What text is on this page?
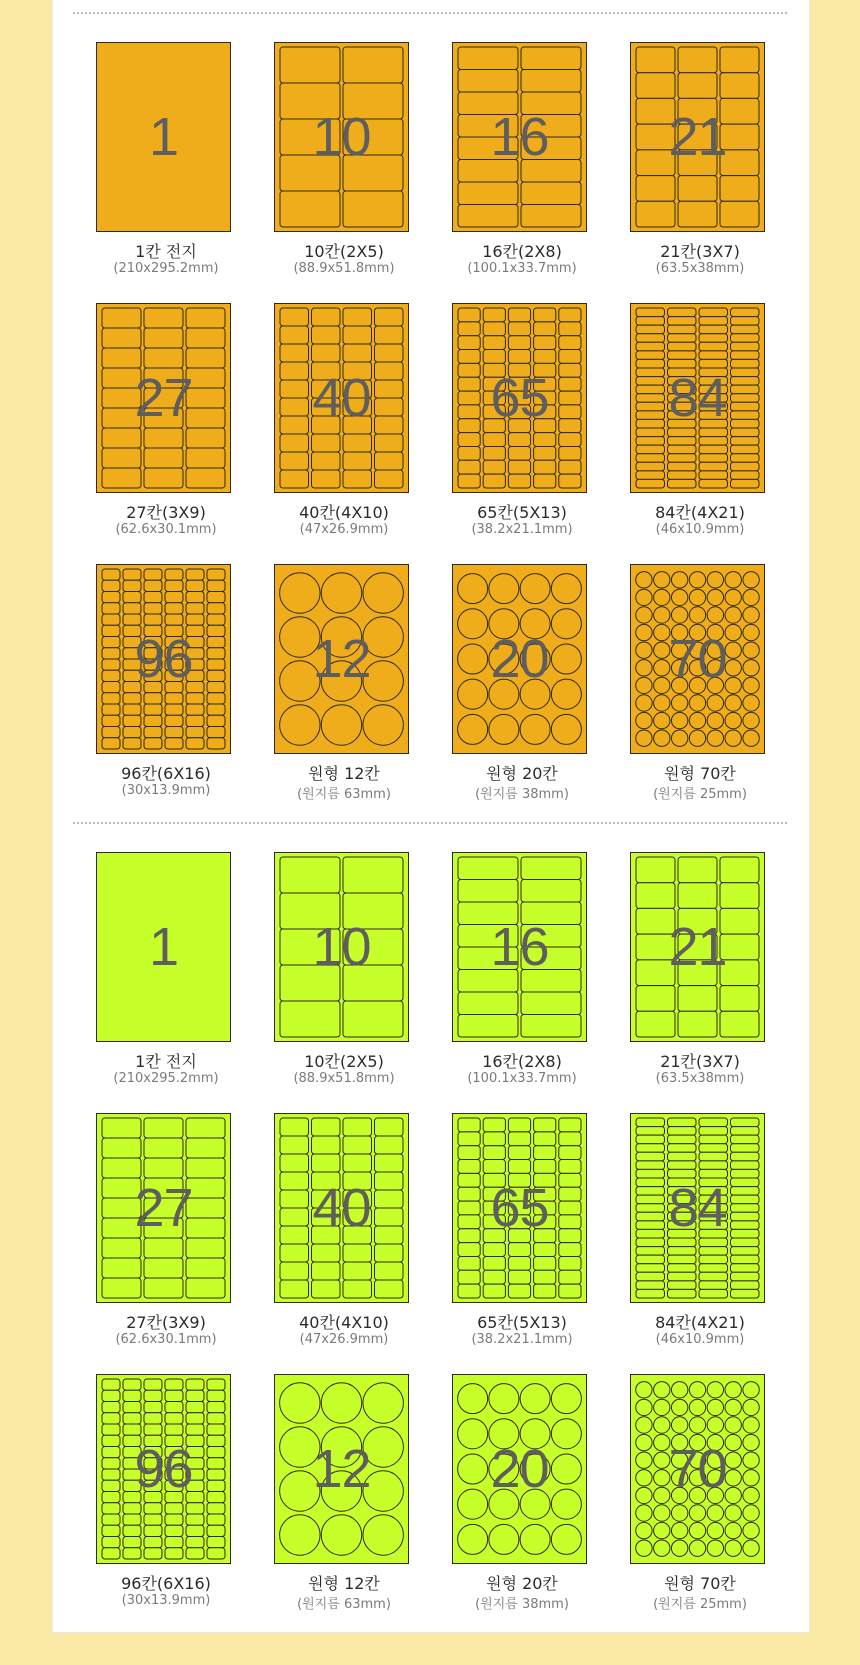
1
1칸 전지
(210x295.2mm)
10
10칸(2X5)
(88.9x51.8mm)
16
16칸(2X8)
(100.1x33.7mm)
21
21칸(3X7)
(63.5x38mm)
27
27칸(3X9)
(62.6x30.1mm)
40
40칸(4X10)
(47x26.9mm)
65
65칸(5X13)
(38.2x21.1mm)
84
84칸(4X21)
(46x10.9mm)
96
96칸(6X16)
(30x13.9mm)
12
원형 12칸
(원지름 63mm)
20
원형 20칸
(원지름 38mm)
70
원형 70칸
(원지름 25mm)
1
1칸 전지
(210x295.2mm)
10
10칸(2X5)
(88.9x51.8mm)
16
16칸(2X8)
(100.1x33.7mm)
21
21칸(3X7)
(63.5x38mm)
27
27칸(3X9)
(62.6x30.1mm)
40
40칸(4X10)
(47x26.9mm)
65
65칸(5X13)
(38.2x21.1mm)
84
84칸(4X21)
(46x10.9mm)
96
96칸(6X16)
(30x13.9mm)
12
원형 12칸
(원지름 63mm)
20
원형 20칸
(원지름 38mm)
70
원형 70칸
(원지름 25mm)
